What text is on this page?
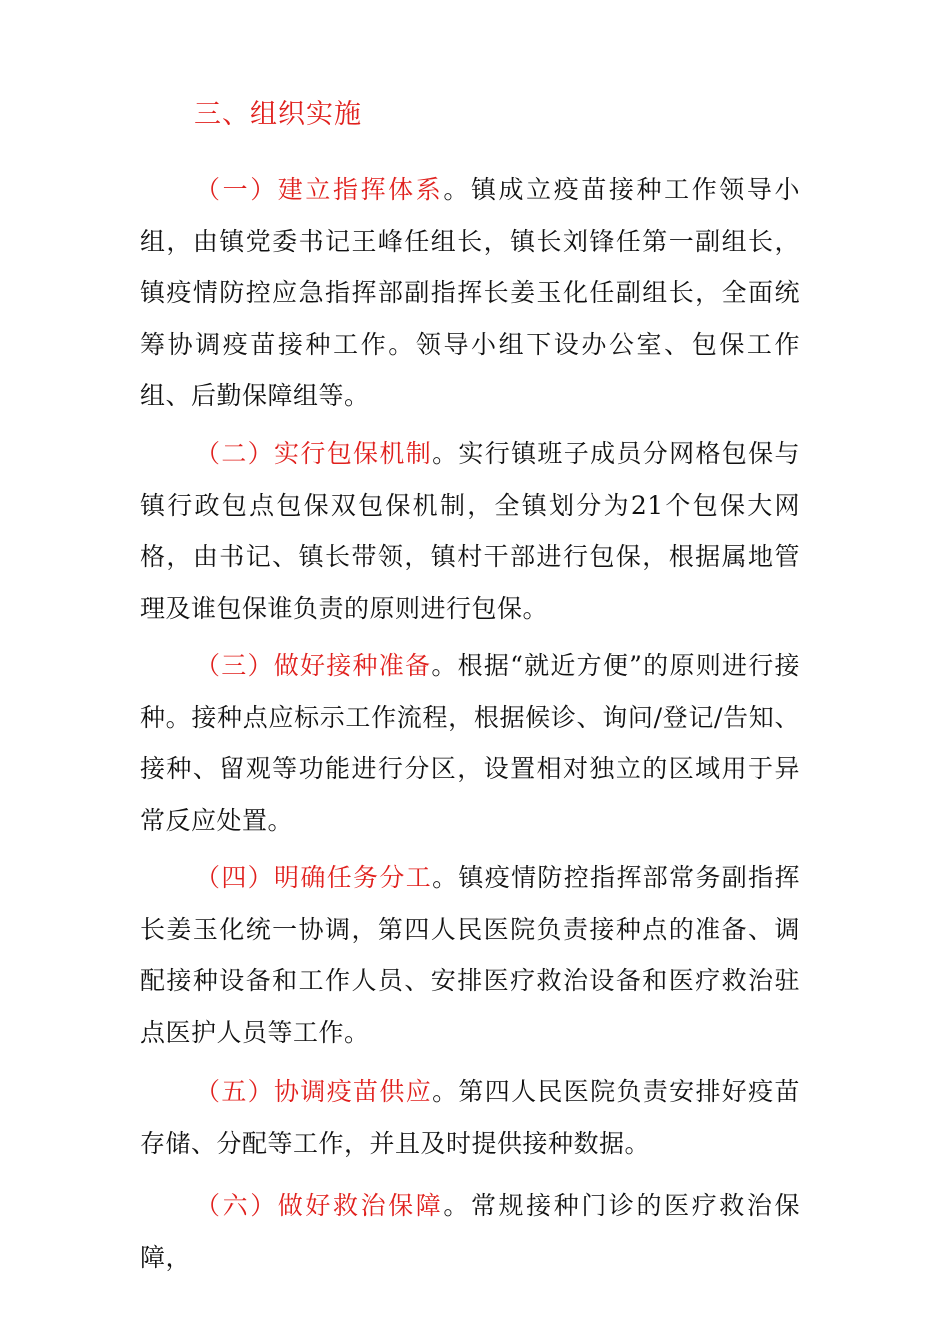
三、组织实施

（一）建立指挥体系。镇成立疫苗接种工作领导小组，由镇党委书记王峰任组长，镇长刘锋任第一副组长，镇疫情防控应急指挥部副指挥长姜玉化任副组长，全面统筹协调疫苗接种工作。领导小组下设办公室、包保工作组、后勤保障组等。

（二）实行包保机制。实行镇班子成员分网格包保与镇行政包点包保双包保机制，全镇划分为21个包保大网格，由书记、镇长带领，镇村干部进行包保，根据属地管理及谁包保谁负责的原则进行包保。

（三）做好接种准备。根据“就近方便”的原则进行接种。接种点应标示工作流程，根据候诊、询问/登记/告知、接种、留观等功能进行分区，设置相对独立的区域用于异常反应处置。

（四）明确任务分工。镇疫情防控指挥部常务副指挥长姜玉化统一协调，第四人民医院负责接种点的准备、调配接种设备和工作人员、安排医疗救治设备和医疗救治驻点医护人员等工作。

（五）协调疫苗供应。第四人民医院负责安排好疫苗存储、分配等工作，并且及时提供接种数据。

（六）做好救治保障。常规接种门诊的医疗救治保障，
